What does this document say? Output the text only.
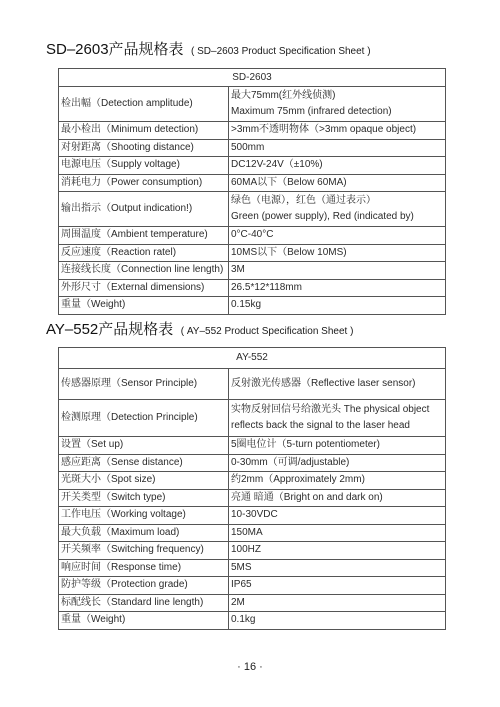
SD–2603产品规格表 ( SD–2603 Product Specification Sheet )
SD-2603	
检出幅（Detection amplitude)	最大75mm(红外线侦测)
Maximum 75mm (infrared detection)

最小检出（Minimum detection)	>3mm不透明物体（>3mm opaque object)
对射距离（Shooting distance)	500mm
电源电压（Supply voltage)	DC12V-24V（±10%)
消耗电力（Power consumption)	60MA以下（Below 60MA)
输出指示（Output indication!)	绿色（电源），红色（通过表示）
Green (power supply), Red (indicated by)

周围温度（Ambient temperature)	0°C-40°C
反应速度（Reaction ratel)	10MS以下（Below 10MS)
连接线长度（Connection line length)	3M
外形尺寸（External dimensions)	26.5*12*118mm
重量（Weight)	0.15kg
AY–552产品规格表 ( AY–552 Product Specification Sheet )
AY-552	
传感器原理（Sensor Principle)	反射激光传感器（Reflective laser sensor)
检测原理（Detection Principle)	实物反射回信号给激光头 The physical object
reflects back the signal to the laser head

设置（Set up)	5圈电位计（5-turn potentiometer)
感应距离（Sense distance)	0-30mm（可调/adjustable)
光斑大小（Spot size)	约2mm（Approximately 2mm)
开关类型（Switch type)	亮通 暗通（Bright on and dark on)
工作电压（Working voltage)	10-30VDC
最大负载（Maximum load)	150MA
开关频率（Switching frequency)	100HZ
响应时间（Response time)	5MS
防护等级（Protection grade)	IP65
标配线长（Standard line length)	2M
重量（Weight)	0.1kg
· 16 ·
